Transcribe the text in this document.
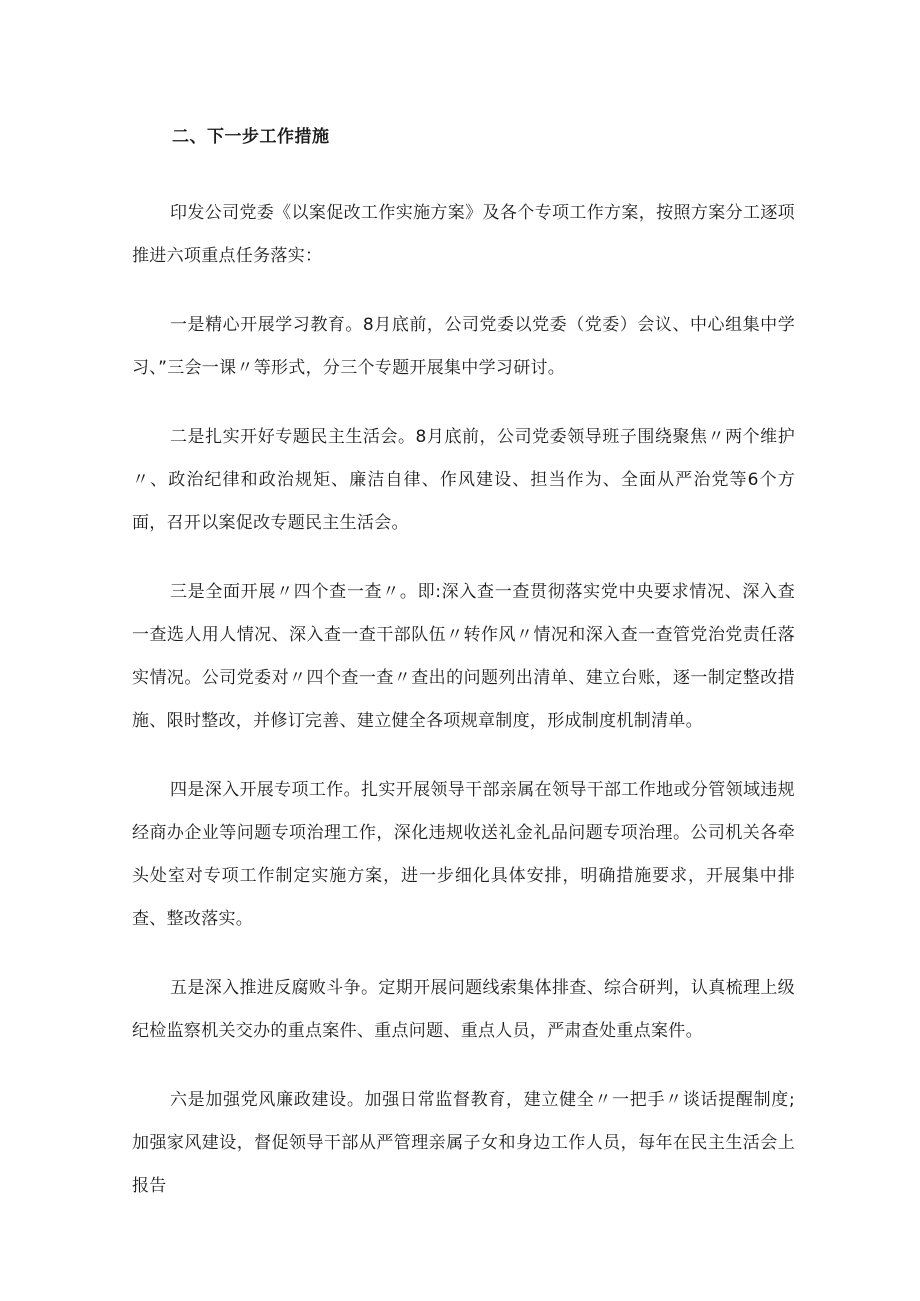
二、下一步工作措施

印发公司党委《以案促改工作实施方案》及各个专项工作方案，按照方案分工逐项推进六项重点任务落实：

一是精心开展学习教育。8月底前，公司党委以党委（党委）会议、中心组集中学习、”三会一课〃等形式，分三个专题开展集中学习研讨。

二是扎实开好专题民主生活会。8月底前，公司党委领导班子围绕聚焦〃两个维护〃、政治纪律和政治规矩、廉洁自律、作风建设、担当作为、全面从严治党等6个方面，召开以案促改专题民主生活会。

三是全面开展〃四个查一查〃。即:深入查一查贯彻落实党中央要求情况、深入查一查选人用人情况、深入查一查干部队伍〃转作风〃情况和深入查一查管党治党责任落实情况。公司党委对〃四个查一查〃查出的问题列出清单、建立台账，逐一制定整改措施、限时整改，并修订完善、建立健全各项规章制度，形成制度机制清单。

四是深入开展专项工作。扎实开展领导干部亲属在领导干部工作地或分管领域违规经商办企业等问题专项治理工作，深化违规收送礼金礼品问题专项治理。公司机关各牵头处室对专项工作制定实施方案，进一步细化具体安排，明确措施要求，开展集中排查、整改落实。

五是深入推进反腐败斗争。定期开展问题线索集体排查、综合研判，认真梳理上级纪检监察机关交办的重点案件、重点问题、重点人员，严肃查处重点案件。

六是加强党风廉政建设。加强日常监督教育，建立健全〃一把手〃谈话提醒制度;加强家风建设，督促领导干部从严管理亲属子女和身边工作人员，每年在民主生活会上报告
